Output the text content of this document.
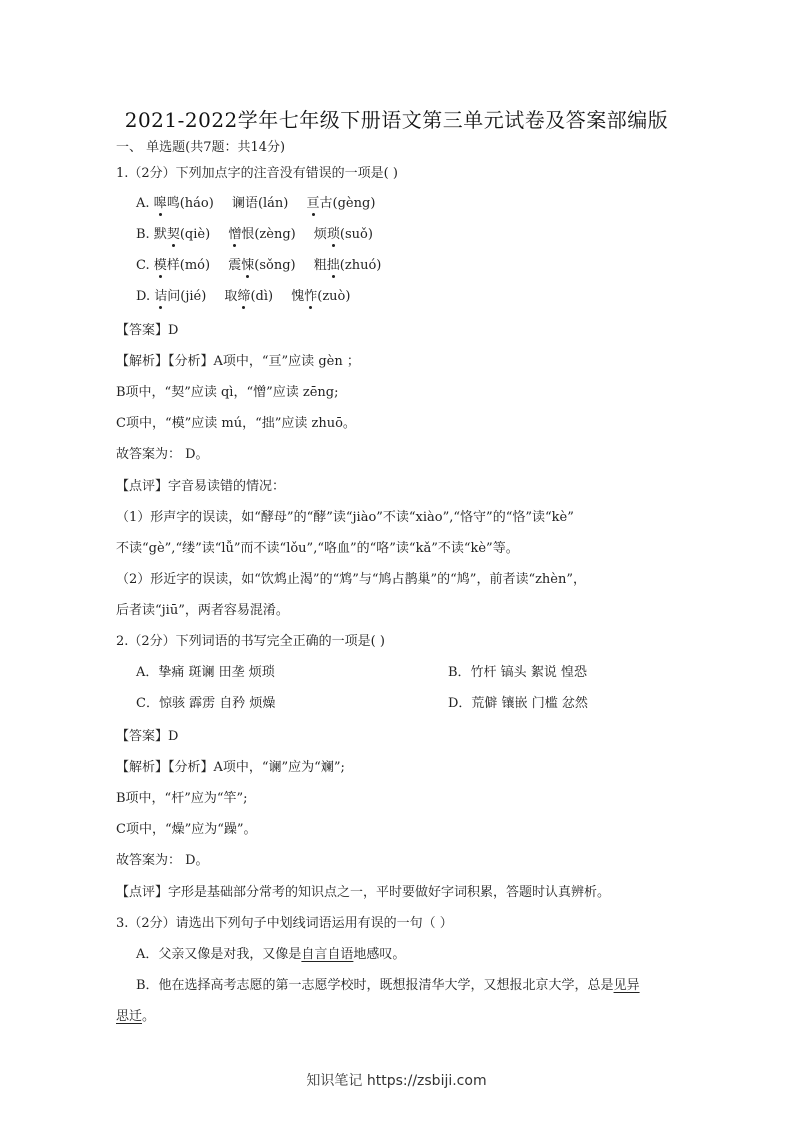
2021-2022学年七年级下册语文第三单元试卷及答案部编版
一、 单选题(共7题：共14分)
1.（2分）下列加点字的注音没有错误的一项是( )
A. 嗥鸣(háo) 谰语(lán) 亘古(gèng)
B. 默契(qiè) 憎恨(zèng) 烦琐(suǒ)
C. 模样(mó) 震悚(sǒng) 粗拙(zhuó)
D. 诘问(jié) 取缔(dì) 愧怍(zuò)
【答案】D
【解析】【分析】A项中，“亘”应读 gèn ；
B项中，“契”应读 qì，“憎”应读 zēng;
C项中，“模”应读 mú，“拙”应读 zhuō。
故答案为： D。
【点评】字音易读错的情况：
（1）形声字的误读，如“酵母”的“酵”读“jiào”不读“xiào”,“恪守”的“恪”读“kè”
不读“gè”,“缕”读“lǚ”而不读“lǒu”,“咯血”的“咯”读“kǎ”不读“kè”等。
（2）形近字的误读，如“饮鸩止渴”的“鸩”与“鸠占鹊巢”的“鸠”，前者读“zhèn”，
后者读“jiū”，两者容易混淆。
2.（2分）下列词语的书写完全正确的一项是( )
A．挚痛 斑谰 田垄 烦琐	B．竹杆 镐头 絮说 惶恐
C．惊骇 霹雳 自矜 烦燥	D．荒僻 镶嵌 门槛 忿然
【答案】D
【解析】【分析】A项中，“谰”应为“斓”;
B项中，“杆”应为“竿”;
C项中，“燥”应为“躁”。
故答案为： D。
【点评】字形是基础部分常考的知识点之一，平时要做好字词积累，答题时认真辨析。
3.（2分）请选出下列句子中划线词语运用有误的一句（ ）
A．父亲又像是对我，又像是自言自语地感叹。
B．他在选择高考志愿的第一志愿学校时，既想报清华大学，又想报北京大学，总是见异
思迁。
知识笔记 https://zsbiji.com
